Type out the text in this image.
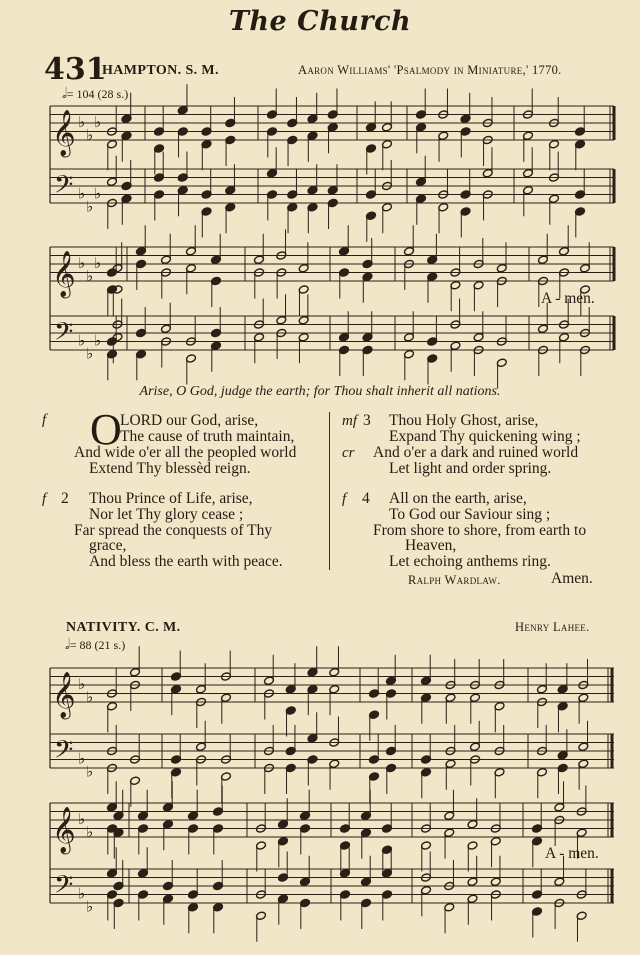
The Church
431
HAMPTON. S. M.	Aaron Williams' 'Psalmody in Miniature,' 1770.
𝅗𝅥= 104 (28 s.)
𝄞
𝄢
♭
♭
♭
♭
♭
♭
𝄞
𝄢
♭
♭
♭
♭
♭
♭
𝄞
𝄢
♭
♭
♭
♭
𝄞
𝄢
♭
♭
♭
♭
A - men.
Arise, O God, judge the earth; for Thou shalt inherit all nations.
f O
LORD our God, arise,
The cause of truth maintain,
And wide o'er all the peopled world
Extend Thy blessèd reign.
f 2 Thou Prince of Life, arise,
Nor let Thy glory cease ;
Far spread the conquests of Thy
grace,
And bless the earth with peace.
mf 3 Thou Holy Ghost, arise,
Expand Thy quickening wing ;
cr And o'er a dark and ruined world
Let light and order spring.
f 4 All on the earth, arise,
To God our Saviour sing ;
From shore to shore, from earth to
Heaven,
Let echoing anthems ring.
Ralph Wardlaw.	Amen.
NATIVITY. C. M.	Henry Lahee.
𝅗𝅥= 88 (21 s.)
A - men.
